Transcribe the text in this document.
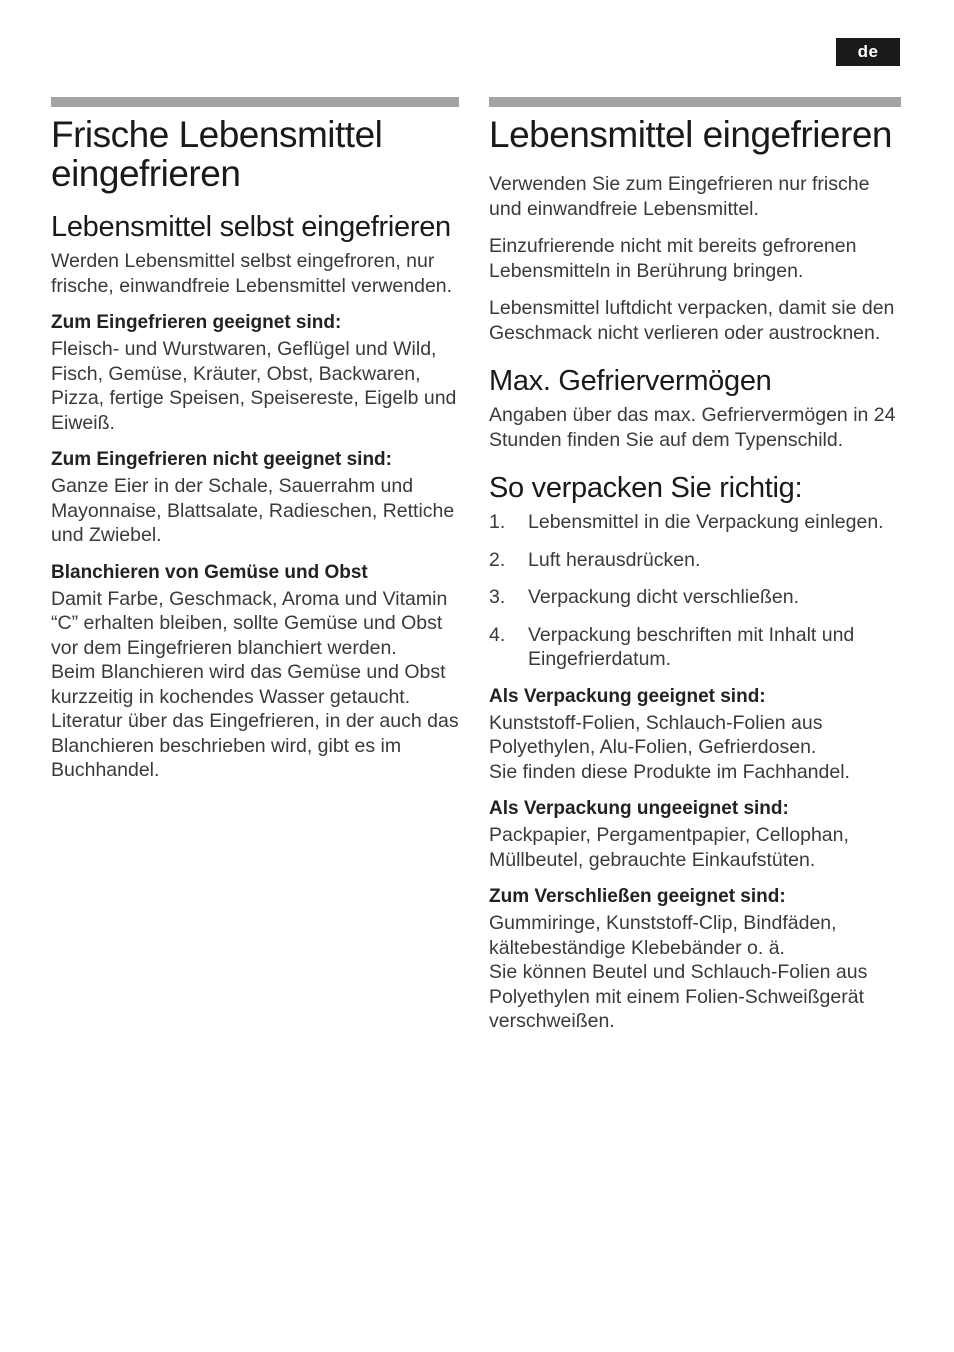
de
Frische Lebensmittel eingefrieren
Lebensmittel selbst eingefrieren

Werden Lebensmittel selbst eingefroren, nur frische, einwandfreie Lebensmittel verwenden.

Zum Eingefrieren geeignet sind:

Fleisch- und Wurstwaren, Geflügel und Wild, Fisch, Gemüse, Kräuter, Obst, Backwaren, Pizza, fertige Speisen, Speisereste, Eigelb und Eiweiß.

Zum Eingefrieren nicht geeignet sind:

Ganze Eier in der Schale, Sauerrahm und Mayonnaise, Blattsalate, Radieschen, Rettiche und Zwiebel.

Blanchieren von Gemüse und Obst

Damit Farbe, Geschmack, Aroma und Vitamin “C” erhalten bleiben, sollte Gemüse und Obst vor dem Eingefrieren blanchiert werden.

Beim Blanchieren wird das Gemüse und Obst kurzzeitig in kochendes Wasser getaucht.

Literatur über das Eingefrieren, in der auch das Blanchieren beschrieben wird, gibt es im Buchhandel.

Lebensmittel eingefrieren

Verwenden Sie zum Eingefrieren nur frische und einwandfreie Lebensmittel.

Einzufrierende nicht mit bereits gefrorenen Lebensmitteln in Berührung bringen.

Lebensmittel luftdicht verpacken, damit sie den Geschmack nicht verlieren oder austrocknen.

Max. Gefriervermögen

Angaben über das max. Gefriervermögen in 24 Stunden finden Sie auf dem Typenschild.

So verpacken Sie richtig:
1.	Lebensmittel in die Verpackung einlegen.
2.	Luft herausdrücken.
3.	Verpackung dicht verschließen.
4.	Verpackung beschriften mit Inhalt und Eingefrierdatum.
Als Verpackung geeignet sind:

Kunststoff-Folien, Schlauch-Folien aus Polyethylen, Alu-Folien, Gefrierdosen.

Sie finden diese Produkte im Fachhandel.

Als Verpackung ungeeignet sind:

Packpapier, Pergamentpapier, Cellophan, Müllbeutel, gebrauchte Einkaufstüten.

Zum Verschließen geeignet sind:

Gummiringe, Kunststoff-Clip, Bindfäden, kältebeständige Klebebänder o. ä.

Sie können Beutel und Schlauch-Folien aus Polyethylen mit einem Folien-Schweißgerät verschweißen.
